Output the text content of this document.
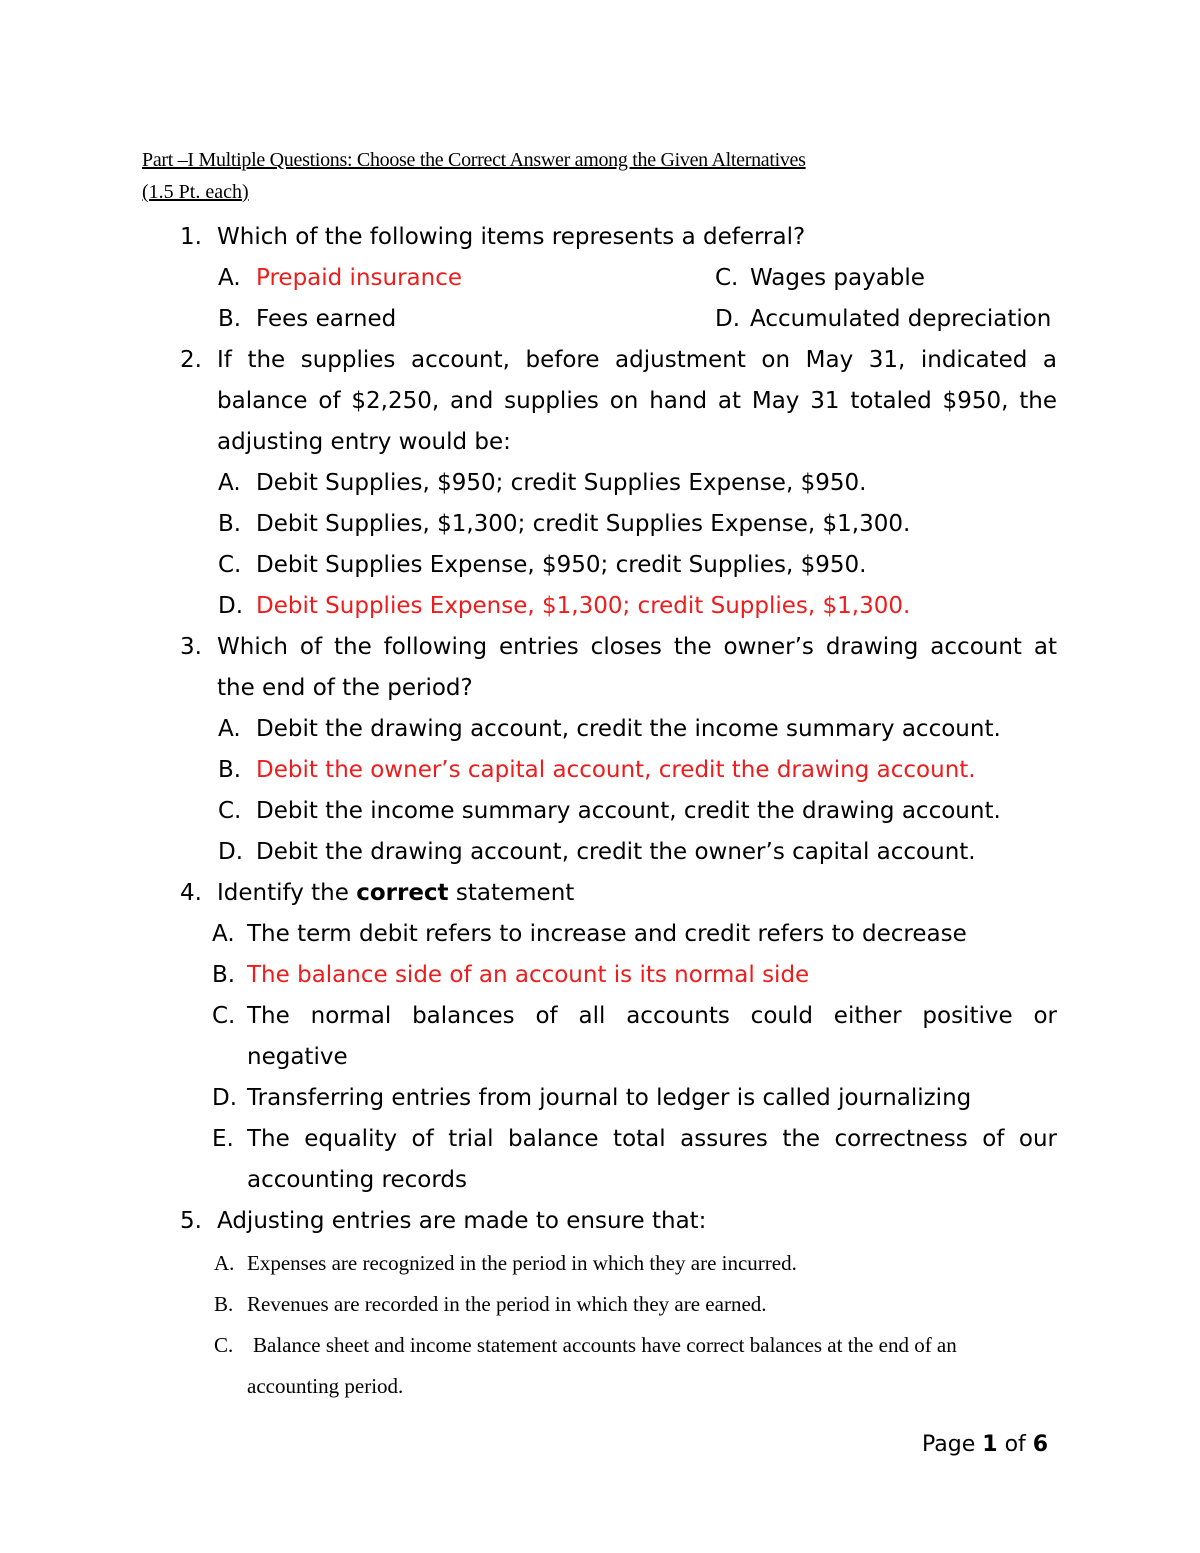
Part –I Multiple Questions: Choose the Correct Answer among the Given Alternatives
(1.5 Pt. each)
1. Which of the following items represents a deferral?
A. Prepaid insurance	C. Wages payable
B. Fees earned	D. Accumulated depreciation
2. If the supplies account, before adjustment on May 31, indicated a
balance of $2,250, and supplies on hand at May 31 totaled $950, the
adjusting entry would be:
A. Debit Supplies, $950; credit Supplies Expense, $950.
B. Debit Supplies, $1,300; credit Supplies Expense, $1,300.
C. Debit Supplies Expense, $950; credit Supplies, $950.
D. Debit Supplies Expense, $1,300; credit Supplies, $1,300.
3. Which of the following entries closes the owner’s drawing account at
the end of the period?
A. Debit the drawing account, credit the income summary account.
B. Debit the owner’s capital account, credit the drawing account.
C. Debit the income summary account, credit the drawing account.
D. Debit the drawing account, credit the owner’s capital account.
4. Identify the correct statement
A. The term debit refers to increase and credit refers to decrease
B. The balance side of an account is its normal side
C. The normal balances of all accounts could either positive or
negative
D. Transferring entries from journal to ledger is called journalizing
E. The equality of trial balance total assures the correctness of our
accounting records
5. Adjusting entries are made to ensure that:
A. Expenses are recognized in the period in which they are incurred.
B. Revenues are recorded in the period in which they are earned.
C. Balance sheet and income statement accounts have correct balances at the end of an
accounting period.
Page 1 of 6
